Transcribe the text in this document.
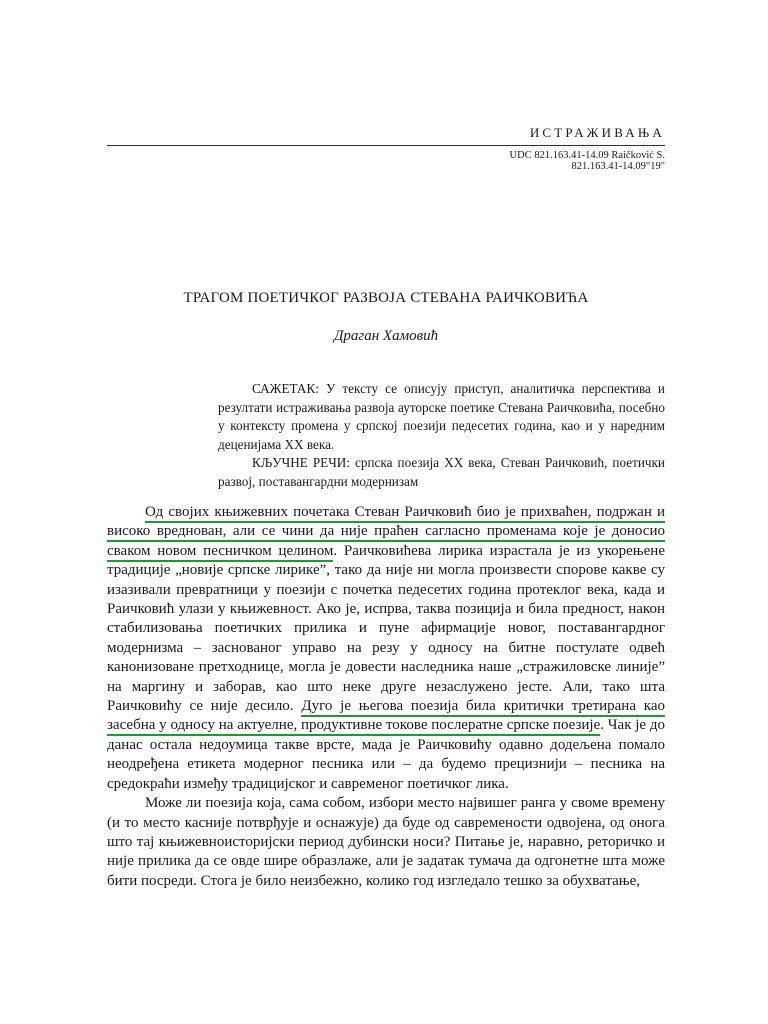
ИСТРАЖИВАЊА
UDC 821.163.41-14.09 Raičković S.
821.163.41-14.09"19"
ТРАГОМ ПОЕТИЧКОГ РАЗВОЈА СТЕВАНА РАИЧКОВИЋА
Драган Хамовић

САЖЕТАК: У тексту се описују приступ, аналитичка перспектива и резултати истраживања развоја ауторске поетике Стевана Раичковића, посебно у контексту промена у српској поезији педесетих година, као и у наредним деценијама XX века.

КЉУЧНЕ РЕЧИ: српска поезија XX века, Стеван Раичковић, поетички развој, поставангардни модернизам

Од својих књижевних почетака Стеван Раичковић био је прихваћен, подржан и високо вреднован, али се чини да није праћен сагласно променама које је доносио сваком новом песничком целином. Раичковићева лирика израстала је из укорењене традиције „новије српске лирике”, тако да није ни могла произвести спорове какве су изазивали превратници у поезији с почетка педесетих година протеклог века, када и Раичковић улази у књижевност. Ако је, испрва, таква позиција и била предност, након стабилизовања поетичких прилика и пуне афирмације новог, поставангардног модернизма – заснованог управо на резу у односу на битне постулате одвећ канонизоване претходнице, могла је довести наследника наше „стражиловске линије” на маргину и заборав, као што неке друге незаслужено јесте. Али, тако шта Раичковићу се није десило. Дуго је његова поезија била критички третирана као засебна у односу на актуелне, продуктивне токове послератне српске поезије. Чак је до данас остала недоумица такве врсте, мада је Раичковићу одавно додељена помало неодређена етикета модерног песника или – да будемо прецизнији – песника на средокраћи између традицијског и савременог поетичког лика.

Може ли поезија која, сама собом, избори место највишег ранга у своме времену (и то место касније потврђује и оснажује) да буде од савремености одвојена, од онога што тај књижевноисторијски период дубински носи? Питање је, наравно, реторичко и није прилика да се овде шире образлаже, али је задатак тумача да одгонетне шта може бити посреди. Стога је било неизбежно, колико год изгледало тешко за обухватање,
